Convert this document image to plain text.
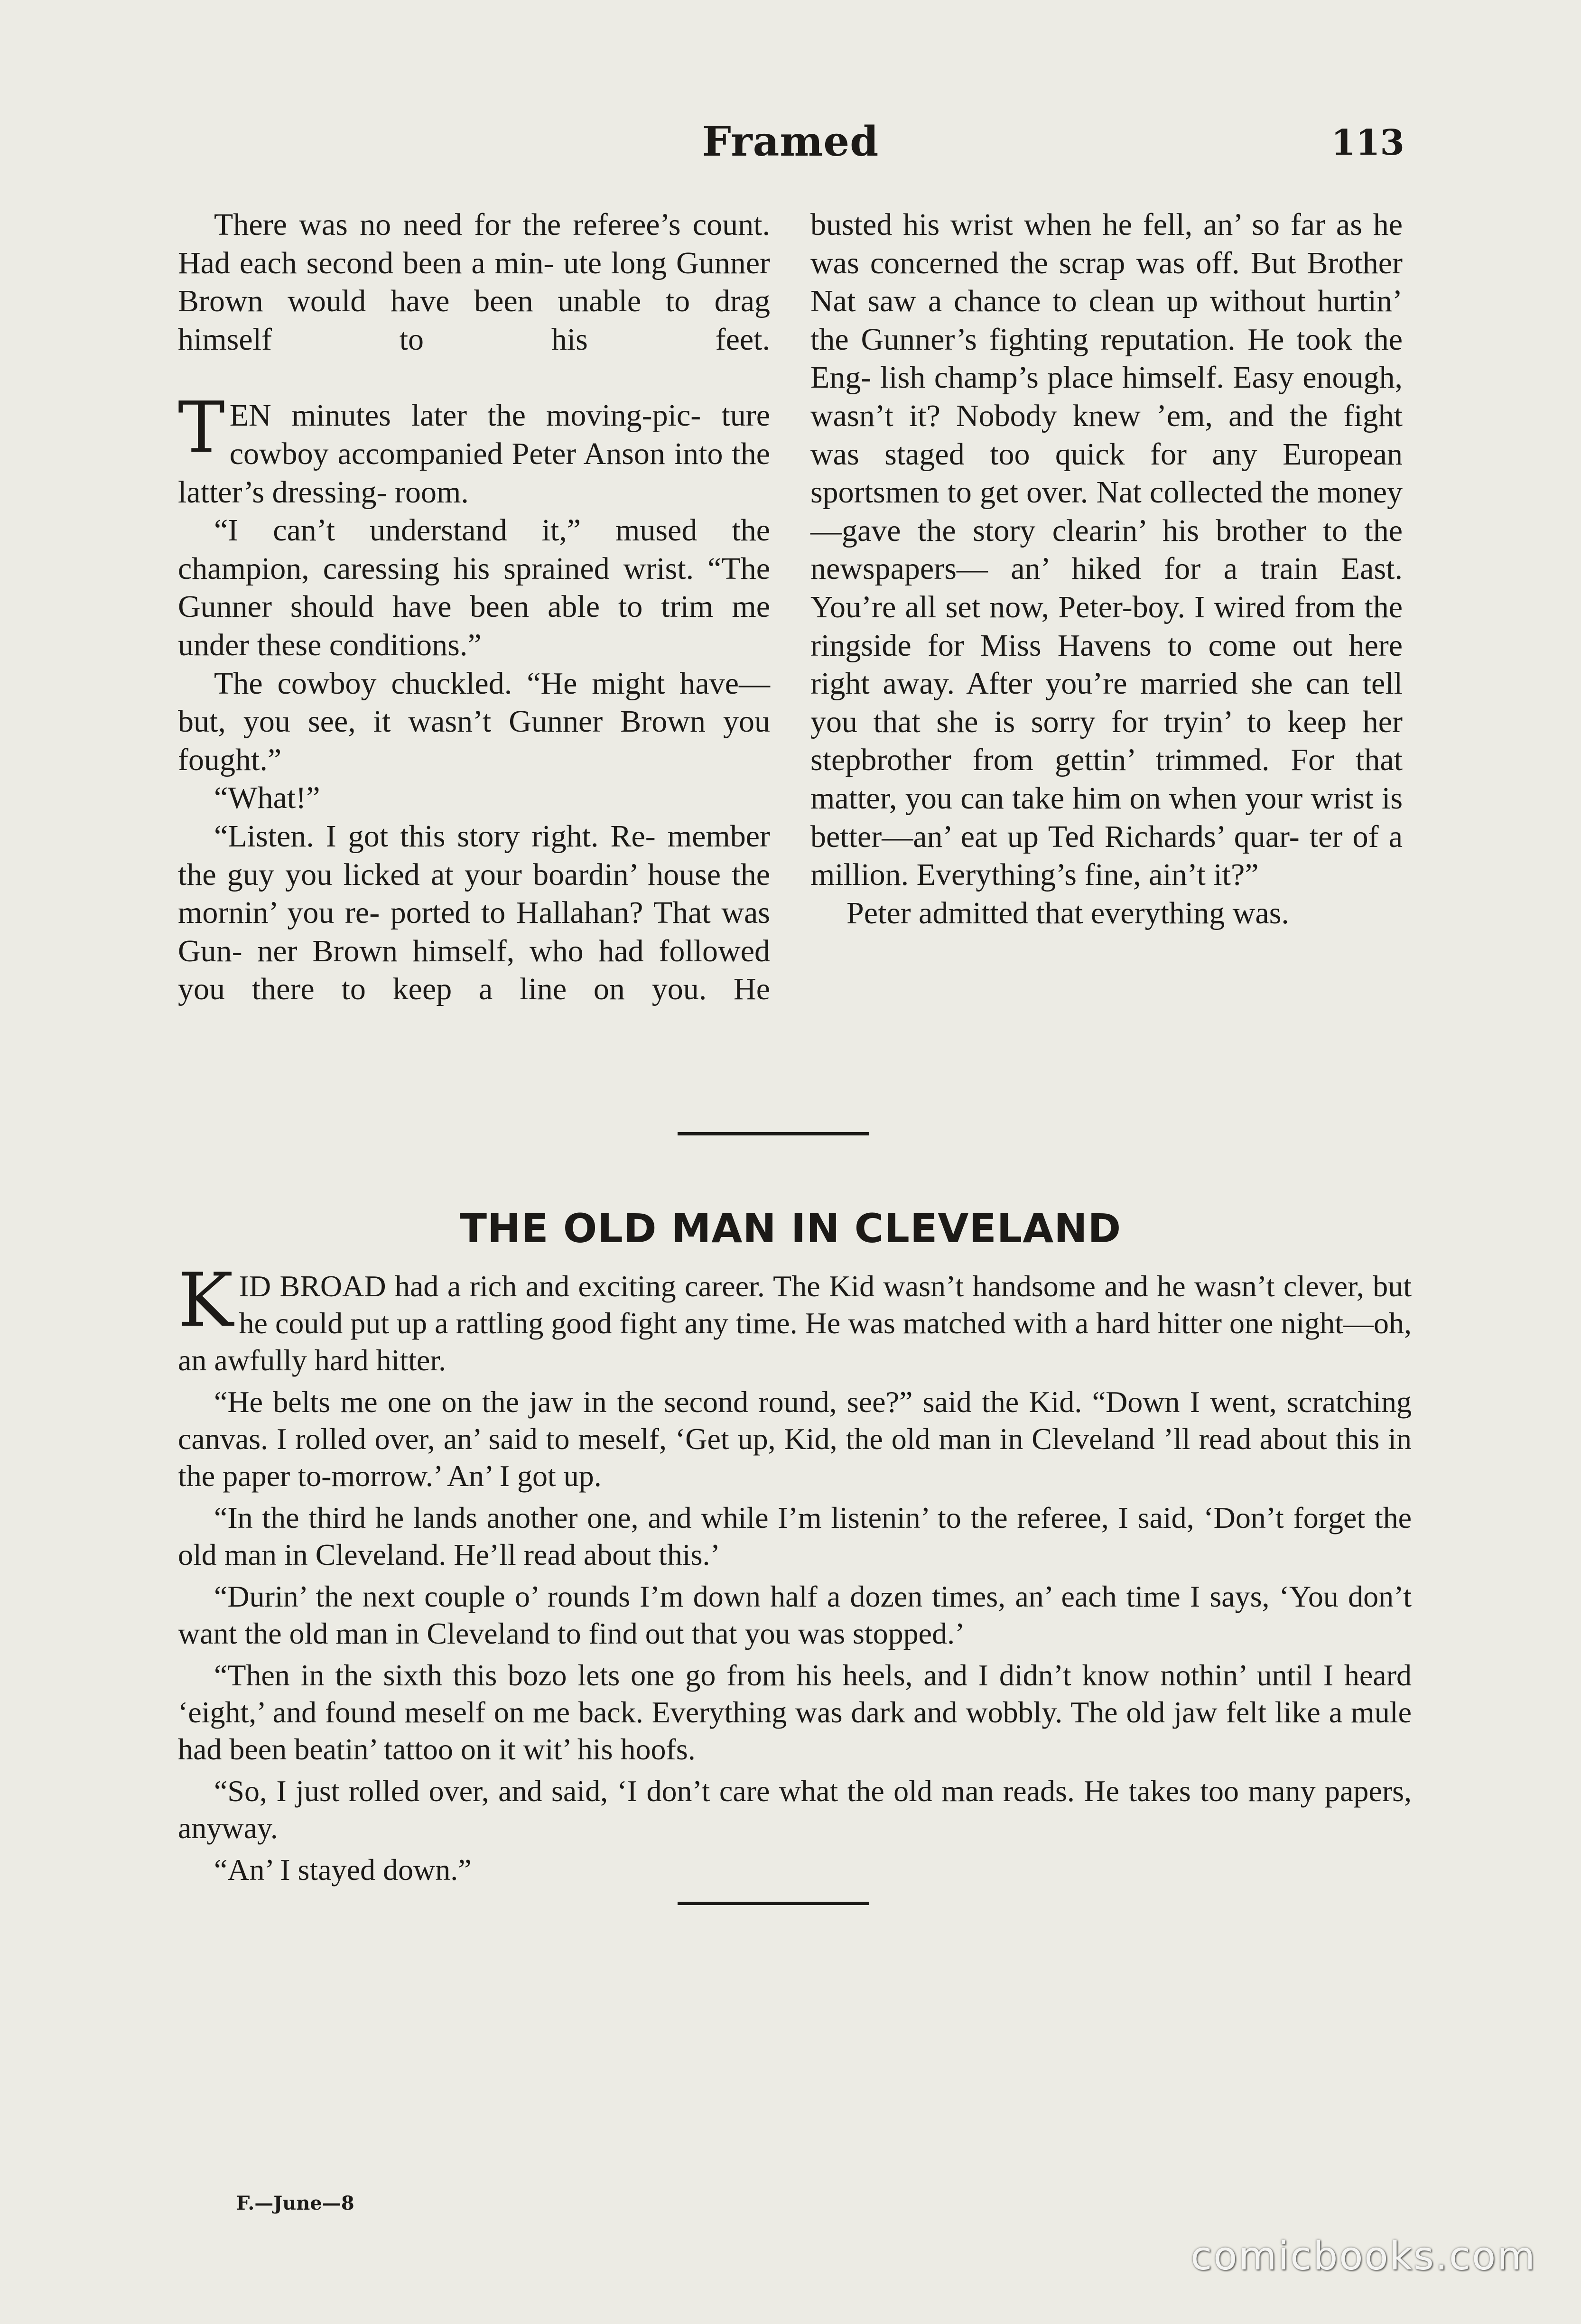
Framed	113

There was no need for the referee’s count. Had each second been a min- ute long Gunner Brown would have been unable to drag himself to his feet.

T EN minutes later the moving-pic- ture cowboy accompanied Peter Anson into the latter’s dressing- room.

“I can’t understand it,” mused the champion, caressing his sprained wrist. “The Gunner should have been able to trim me under these conditions.”

The cowboy chuckled. “He might have—but, you see, it wasn’t Gunner Brown you fought.”

“What!”

“Listen. I got this story right. Re- member the guy you licked at your boardin’ house the mornin’ you re- ported to Hallahan? That was Gun- ner Brown himself, who had followed you there to keep a line on you. He

busted his wrist when he fell, an’ so far as he was concerned the scrap was off. But Brother Nat saw a chance to clean up without hurtin’ the Gunner’s fighting reputation. He took the Eng- lish champ’s place himself. Easy enough, wasn’t it? Nobody knew ’em, and the fight was staged too quick for any European sportsmen to get over. Nat collected the money—gave the story clearin’ his brother to the newspapers— an’ hiked for a train East. You’re all set now, Peter-boy. I wired from the ringside for Miss Havens to come out here right away. After you’re married she can tell you that she is sorry for tryin’ to keep her stepbrother from gettin’ trimmed. For that matter, you can take him on when your wrist is better—an’ eat up Ted Richards’ quar- ter of a million. Everything’s fine, ain’t it?”

Peter admitted that everything was.

THE OLD MAN IN CLEVELAND

KID BROAD had a rich and exciting career. The Kid wasn’t handsome and he wasn’t clever, but he could put up a rattling good fight any time. He was matched with a hard hitter one night—oh, an awfully hard hitter.

“He belts me one on the jaw in the second round, see?” said the Kid. “Down I went, scratching canvas. I rolled over, an’ said to meself, ‘Get up, Kid, the old man in Cleveland ’ll read about this in the paper to-morrow.’ An’ I got up.

“In the third he lands another one, and while I’m listenin’ to the referee, I said, ‘Don’t forget the old man in Cleveland. He’ll read about this.’

“Durin’ the next couple o’ rounds I’m down half a dozen times, an’ each time I says, ‘You don’t want the old man in Cleveland to find out that you was stopped.’

“Then in the sixth this bozo lets one go from his heels, and I didn’t know nothin’ until I heard ‘eight,’ and found meself on me back. Everything was dark and wobbly. The old jaw felt like a mule had been beatin’ tattoo on it wit’ his hoofs.

“So, I just rolled over, and said, ‘I don’t care what the old man reads. He takes too many papers, anyway.

“An’ I stayed down.”

F.—June—8
comicbooks.com
